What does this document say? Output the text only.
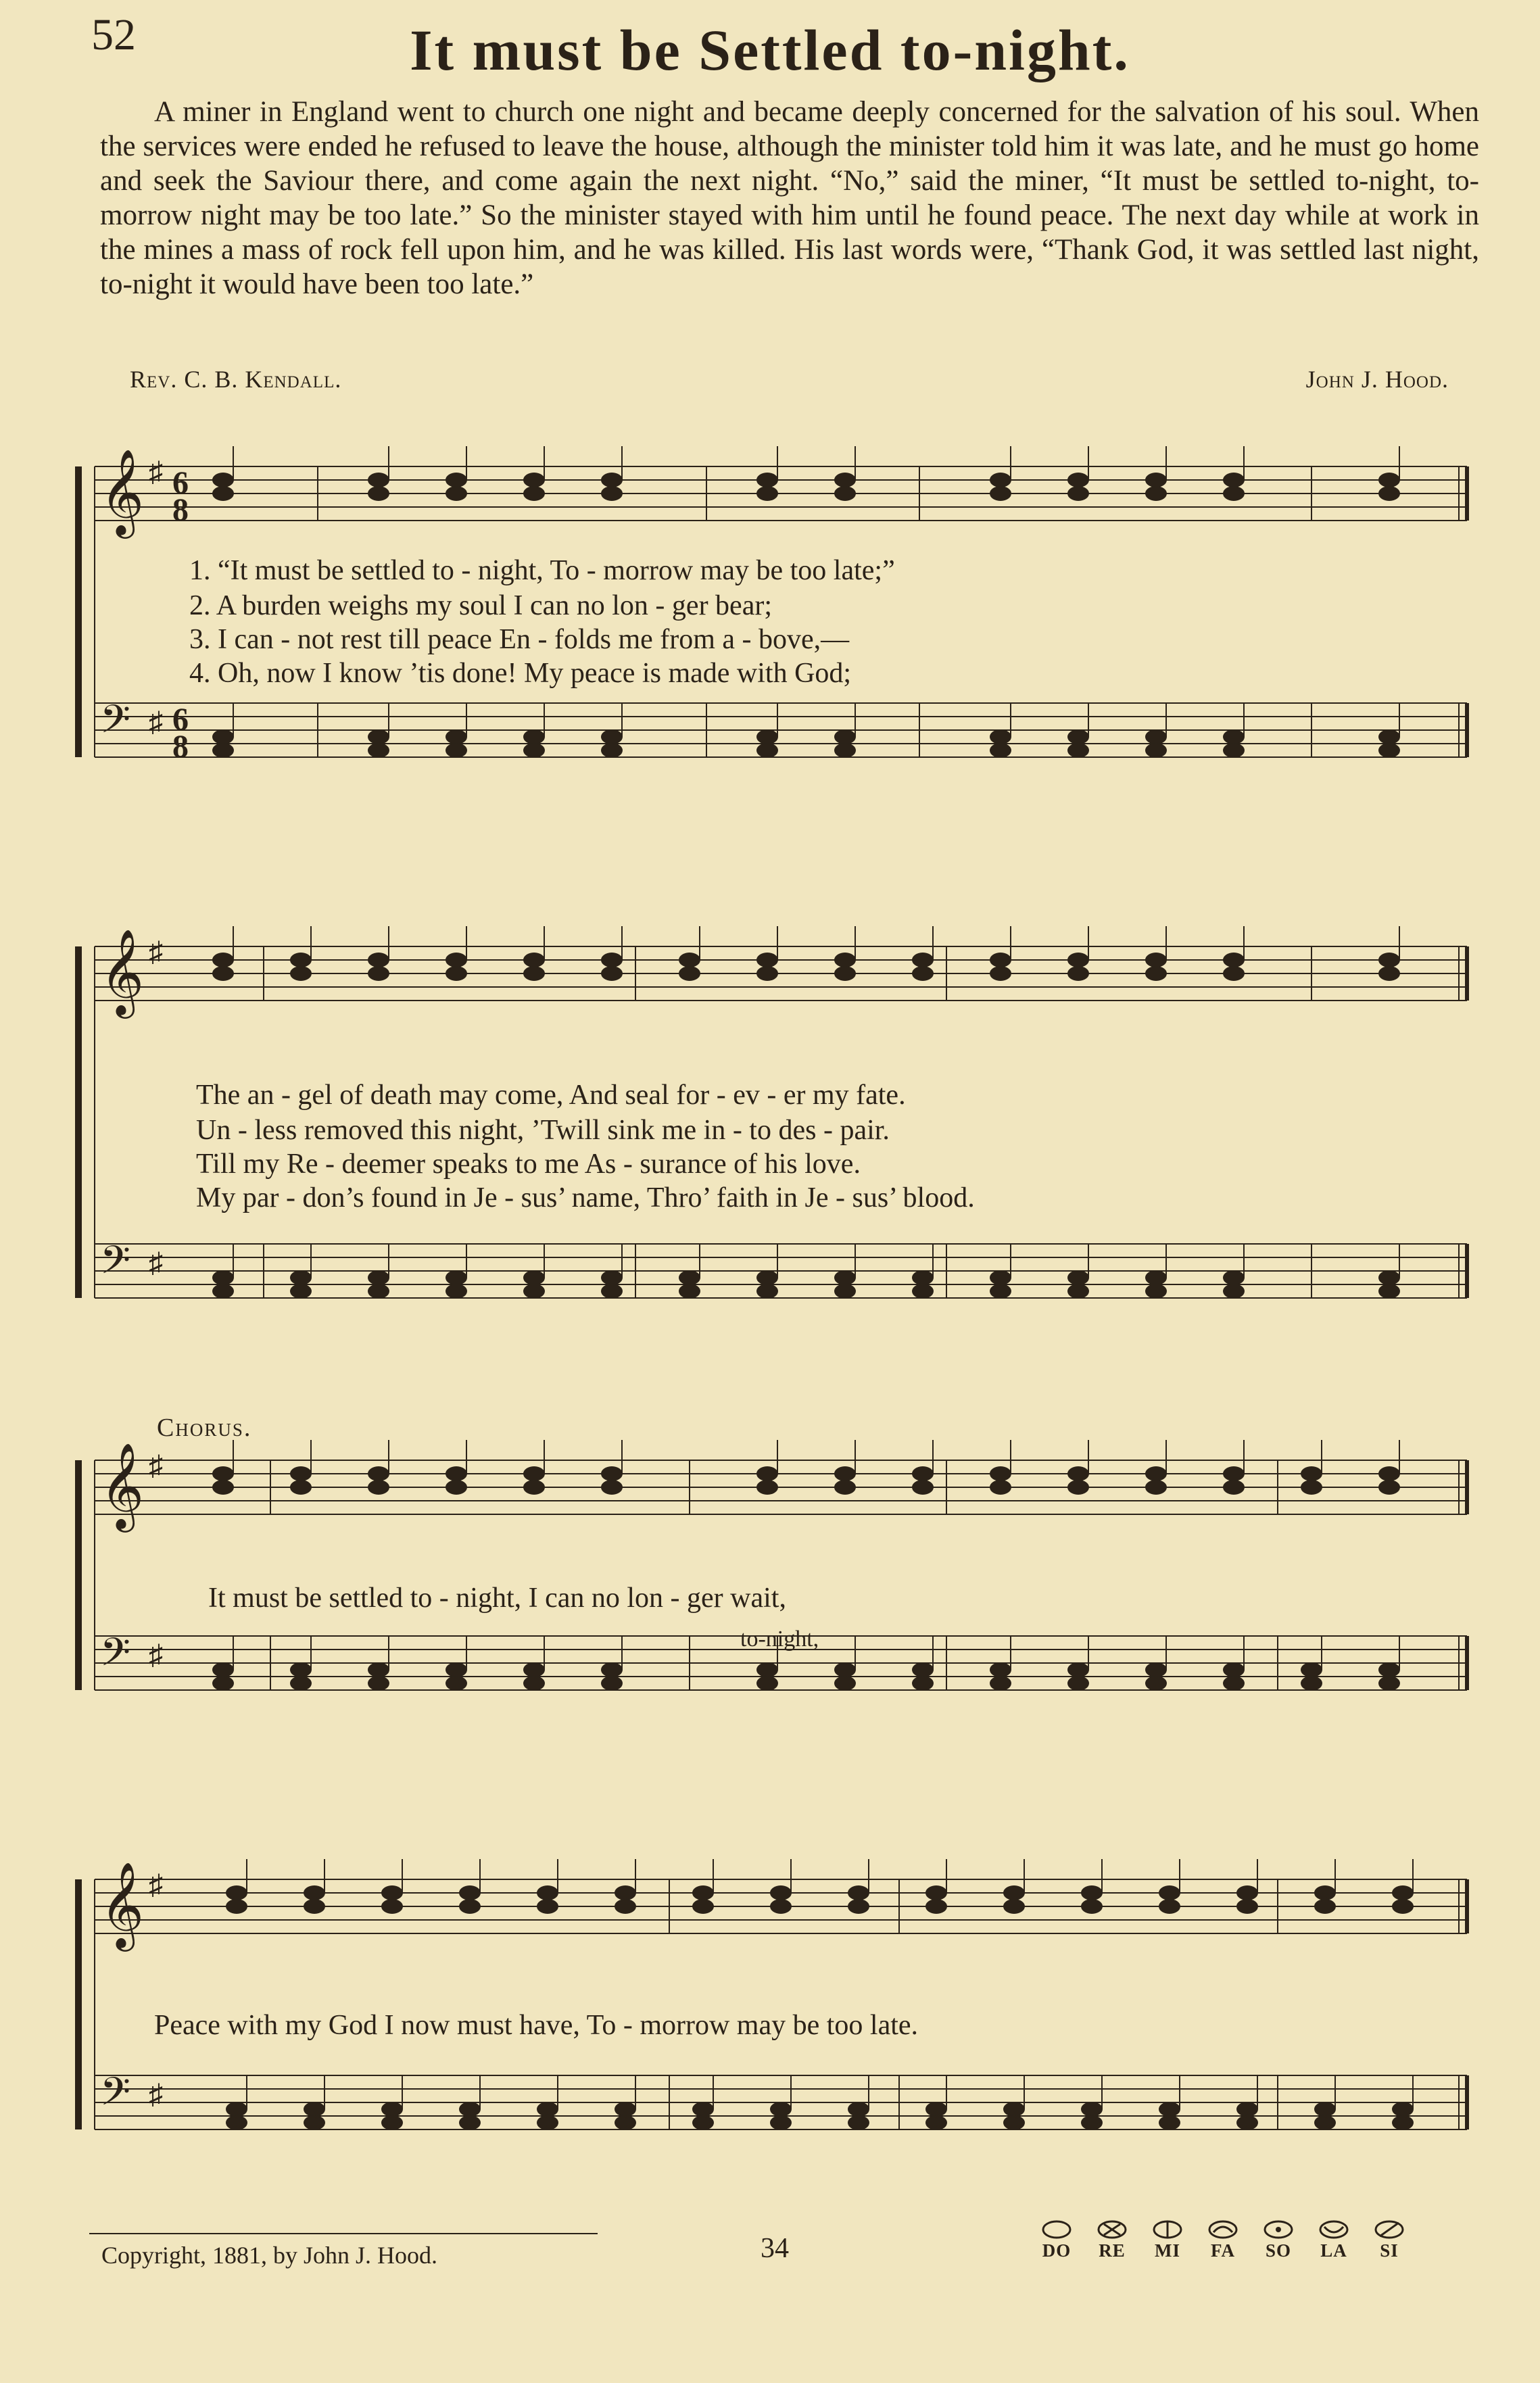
52	It must be Settled to-night.
A miner in England went to church one night and became deeply concerned for the salvation of his soul. When the services were ended he refused to leave the house, although the minister told him it was late, and he must go home and seek the Saviour there, and come again the next night. “No,” said the miner, “It must be settled to-night, to-morrow night may be too late.” So the minister stayed with him until he found peace. The next day while at work in the mines a mass of rock fell upon him, and he was killed. His last words were, “Thank God, it was settled last night, to-night it would have been too late.”
Rev. C. B. Kendall.	John J. Hood.
𝄞 ♯ 6
8
𝄢 ♯ 6
8
1. “It must be settled to - night, To - morrow may be too late;”
2. A burden weighs my soul I can no lon - ger bear;
3. I can - not rest till peace En - folds me from a - bove,—
4. Oh, now I know ’tis done! My peace is made with God;
𝄞 ♯
𝄢 ♯
The an - gel of death may come, And seal for - ev - er my fate.
Un - less removed this night, ’Twill sink me in - to des - pair.
Till my Re - deemer speaks to me As - surance of his love.
My par - don’s found in Je - sus’ name, Thro’ faith in Je - sus’ blood.
Chorus.
𝄞 ♯
𝄢 ♯
It must be settled to - night, I can no lon - ger wait,
to-night,
𝄞 ♯
𝄢 ♯
Peace with my God I now must have, To - morrow may be too late.
Copyright, 1881, by John J. Hood.	34	DO	RE	MI	FA	SO	LA	SI
